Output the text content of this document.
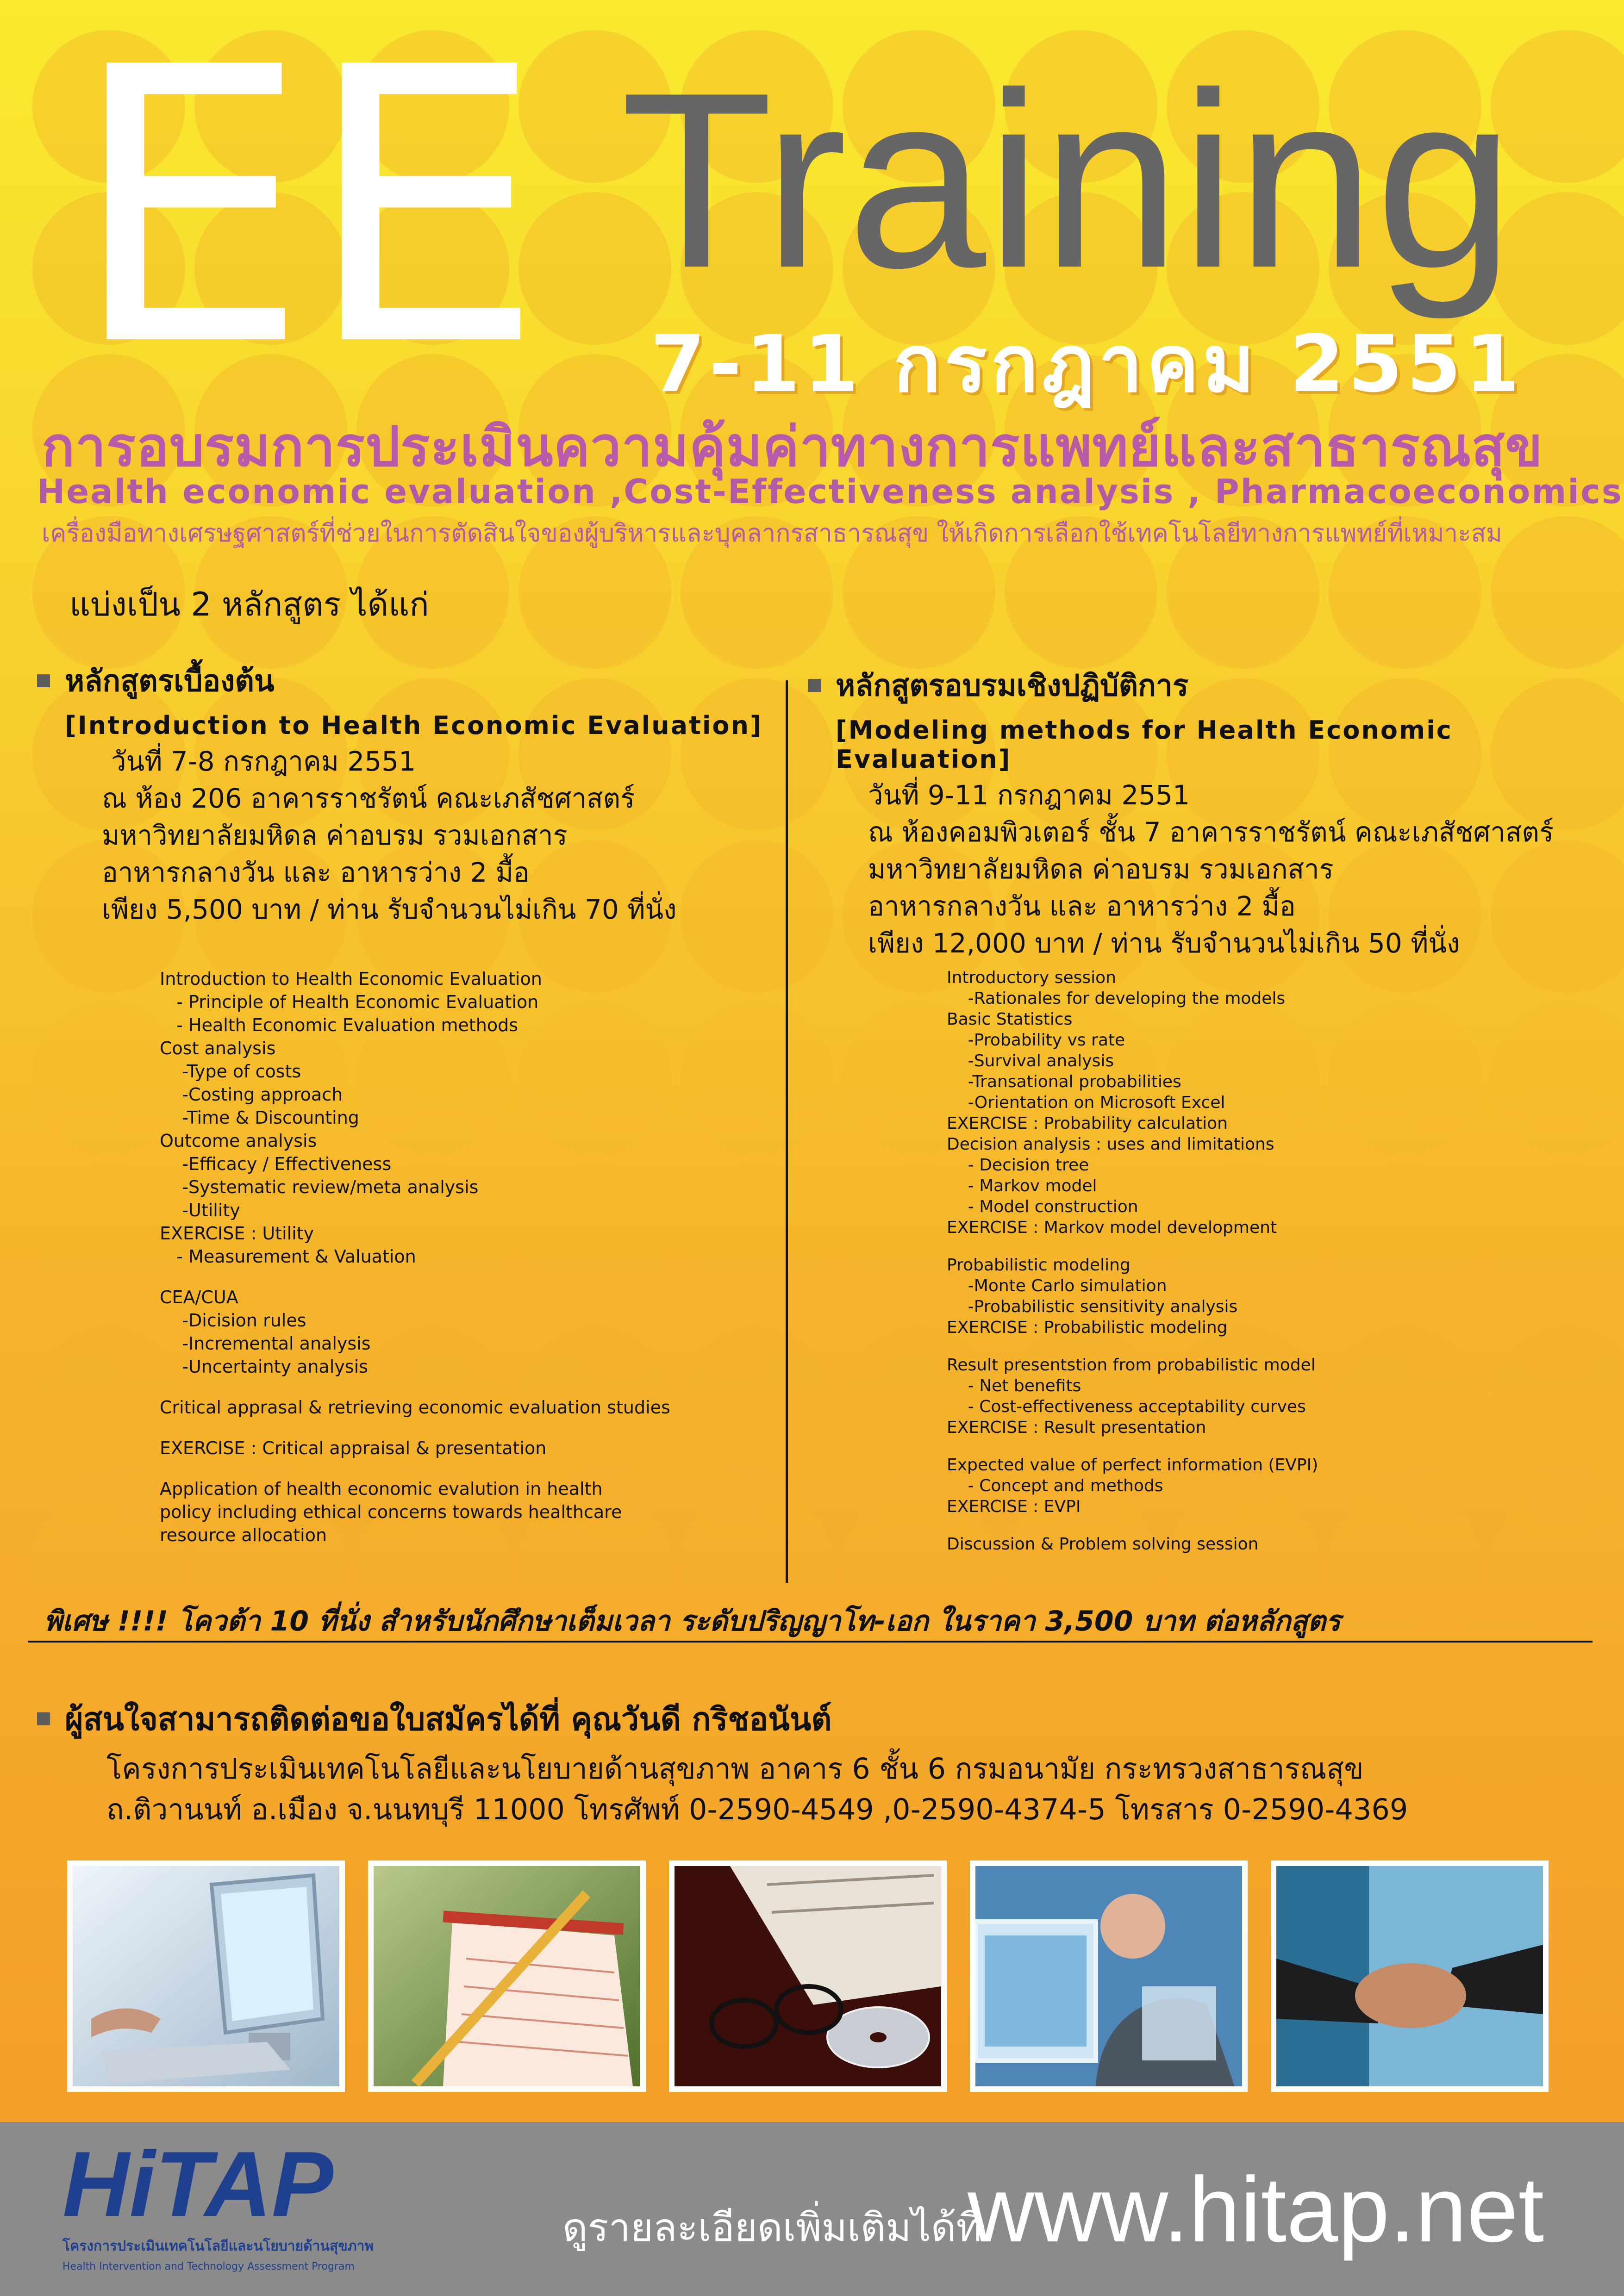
EE Training
7-11 กรกฎาคม 2551
การอบรมการประเมินความคุ้มค่าทางการแพทย์และสาธารณสุข
Health economic evaluation ,Cost-Effectiveness analysis , Pharmacoeconomics
เครื่องมือทางเศรษฐศาสตร์ที่ช่วยในการตัดสินใจของผู้บริหารและบุคลากรสาธารณสุข ให้เกิดการเลือกใช้เทคโนโลยีทางการแพทย์ที่เหมาะสม
แบ่งเป็น 2 หลักสูตร ได้แก่
หลักสูตรเบื้องต้น
[Introduction to Health Economic Evaluation]
วันที่ 7-8 กรกฎาคม 2551
ณ ห้อง 206 อาคารราชรัตน์ คณะเภสัชศาสตร์
มหาวิทยาลัยมหิดล ค่าอบรม รวมเอกสาร
อาหารกลางวัน และ อาหารว่าง 2 มื้อ
เพียง 5,500 บาท / ท่าน รับจำนวนไม่เกิน 70 ที่นั่ง
Introduction to Health Economic Evaluation
- Principle of Health Economic Evaluation
- Health Economic Evaluation methods
Cost analysis
-Type of costs
-Costing approach
-Time & Discounting
Outcome analysis
-Efficacy / Effectiveness
-Systematic review/meta analysis
-Utility
EXERCISE : Utility
- Measurement & Valuation
CEA/CUA
-Dicision rules
-Incremental analysis
-Uncertainty analysis
Critical apprasal & retrieving economic evaluation studies
EXERCISE : Critical appraisal & presentation
Application of health economic evalution in health
policy including ethical concerns towards healthcare
resource allocation
หลักสูตรอบรมเชิงปฏิบัติการ
[Modeling methods for Health Economic Evaluation]
วันที่ 9-11 กรกฎาคม 2551
ณ ห้องคอมพิวเตอร์ ชั้น 7 อาคารราชรัตน์ คณะเภสัชศาสตร์
มหาวิทยาลัยมหิดล ค่าอบรม รวมเอกสาร
อาหารกลางวัน และ อาหารว่าง 2 มื้อ
เพียง 12,000 บาท / ท่าน รับจำนวนไม่เกิน 50 ที่นั่ง
Introductory session
-Rationales for developing the models
Basic Statistics
-Probability vs rate
-Survival analysis
-Transational probabilities
-Orientation on Microsoft Excel
EXERCISE : Probability calculation
Decision analysis : uses and limitations
- Decision tree
- Markov model
- Model construction
EXERCISE : Markov model development
Probabilistic modeling
-Monte Carlo simulation
-Probabilistic sensitivity analysis
EXERCISE : Probabilistic modeling
Result presentstion from probabilistic model
- Net benefits
- Cost-effectiveness acceptability curves
EXERCISE : Result presentation
Expected value of perfect information (EVPI)
- Concept and methods
EXERCISE : EVPI
Discussion & Problem solving session
พิเศษ !!!! โควต้า 10 ที่นั่ง สำหรับนักศึกษาเต็มเวลา ระดับปริญญาโท-เอก ในราคา 3,500 บาท ต่อหลักสูตร
ผู้สนใจสามารถติดต่อขอใบสมัครได้ที่ คุณวันดี กริชอนันต์
โครงการประเมินเทคโนโลยีและนโยบายด้านสุขภาพ อาคาร 6 ชั้น 6 กรมอนามัย กระทรวงสาธารณสุข
ถ.ติวานนท์ อ.เมือง จ.นนทบุรี 11000 โทรศัพท์ 0-2590-4549 ,0-2590-4374-5 โทรสาร 0-2590-4369
HiTAP
โครงการประเมินเทคโนโลยีและนโยบายด้านสุขภาพ
Health Intervention and Technology Assessment Program
ดูรายละเอียดเพิ่มเติมได้ที่
www.hitap.net
